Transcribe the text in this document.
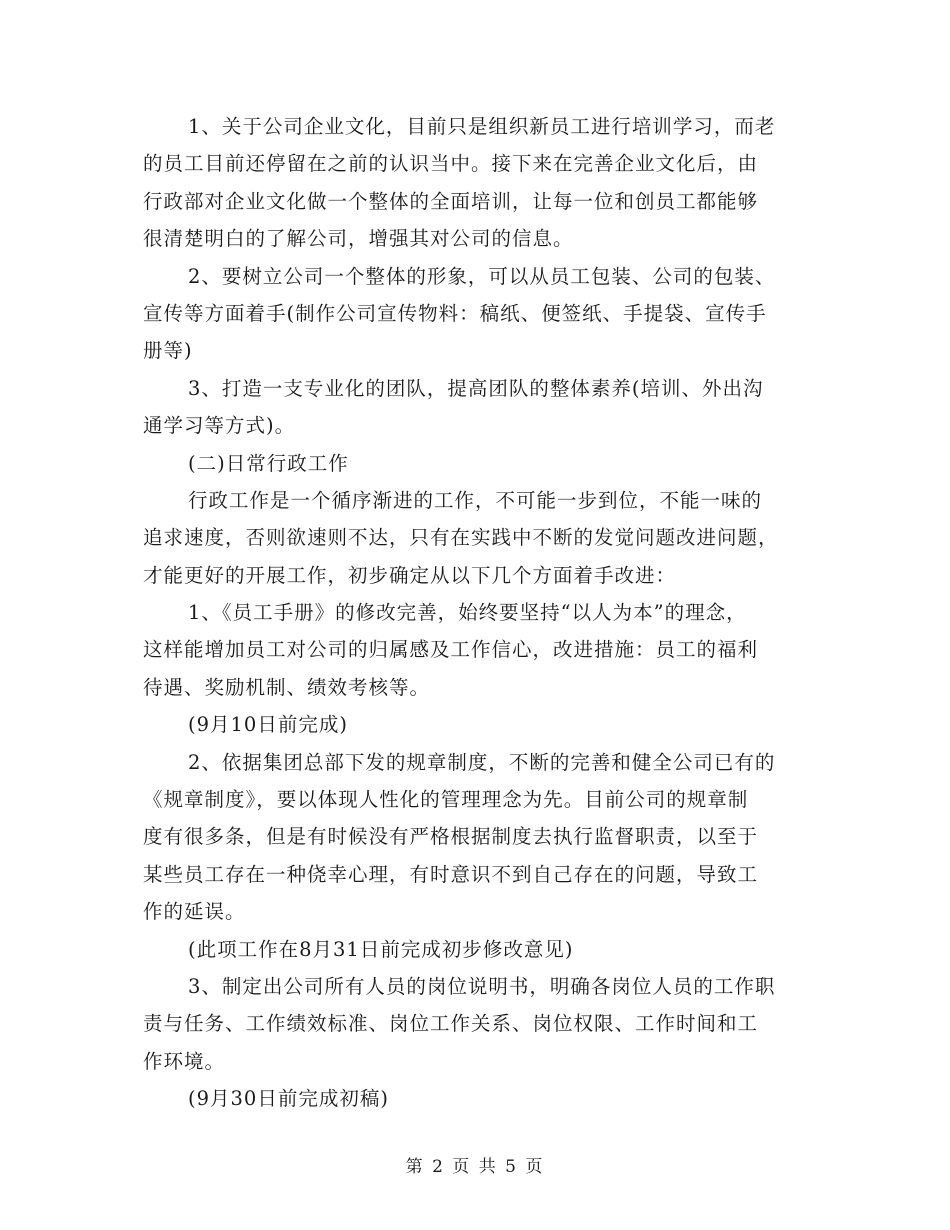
1、关于公司企业文化，目前只是组织新员工进行培训学习，而老
的员工目前还停留在之前的认识当中。接下来在完善企业文化后，由
行政部对企业文化做一个整体的全面培训，让每一位和创员工都能够
很清楚明白的了解公司，增强其对公司的信息。
2、要树立公司一个整体的形象，可以从员工包装、公司的包装、
宣传等方面着手(制作公司宣传物料：稿纸、便签纸、手提袋、宣传手
册等)
3、打造一支专业化的团队，提高团队的整体素养(培训、外出沟
通学习等方式)。
(二)日常行政工作
行政工作是一个循序渐进的工作，不可能一步到位，不能一味的
追求速度，否则欲速则不达，只有在实践中不断的发觉问题改进问题，
才能更好的开展工作，初步确定从以下几个方面着手改进：
1、《员工手册》的修改完善，始终要坚持“以人为本”的理念，
这样能增加员工对公司的归属感及工作信心，改进措施：员工的福利
待遇、奖励机制、绩效考核等。
(9月10日前完成)
2、依据集团总部下发的规章制度，不断的完善和健全公司已有的
《规章制度》，要以体现人性化的管理理念为先。目前公司的规章制
度有很多条，但是有时候没有严格根据制度去执行监督职责，以至于
某些员工存在一种侥幸心理，有时意识不到自己存在的问题，导致工
作的延误。
(此项工作在8月31日前完成初步修改意见)
3、制定出公司所有人员的岗位说明书，明确各岗位人员的工作职
责与任务、工作绩效标准、岗位工作关系、岗位权限、工作时间和工
作环境。
(9月30日前完成初稿)
第 2 页 共 5 页
